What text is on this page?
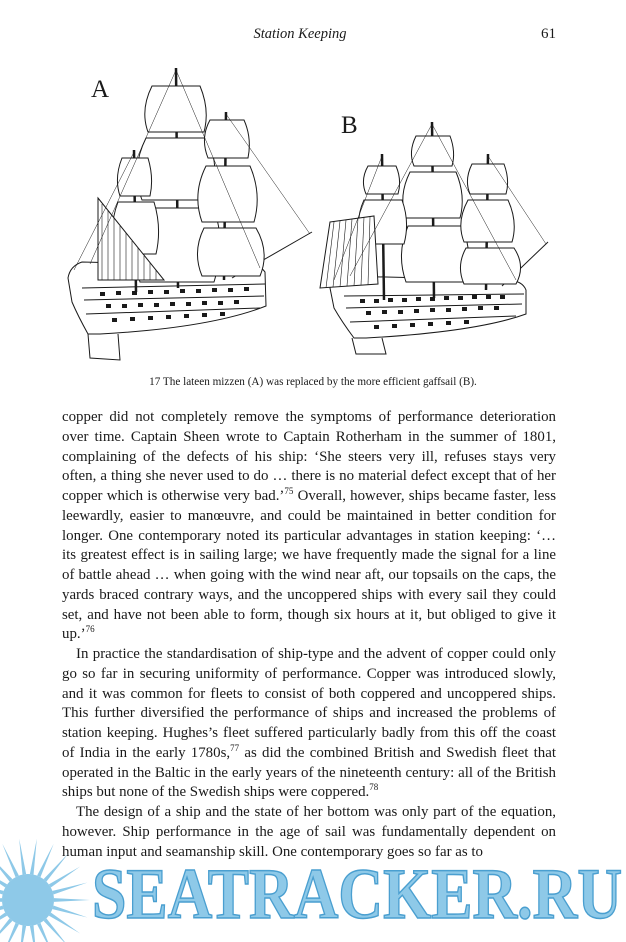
Station Keeping	61
A
B
17 The lateen mizzen (A) was replaced by the more efficient gaffsail (B).

copper did not completely remove the symptoms of performance deterioration over time. Captain Sheen wrote to Captain Rotherham in the summer of 1801, complaining of the defects of his ship: ‘She steers very ill, refuses stays very often, a thing she never used to do … there is no material defect except that of her copper which is otherwise very bad.’$^{75}$ Overall, however, ships became faster, less leewardly, easier to manœuvre, and could be maintained in better condition for longer. One contemporary noted its particular advantages in station keeping: ‘… its greatest effect is in sailing large; we have frequently made the signal for a line of battle ahead … when going with the wind near aft, our topsails on the caps, the yards braced contrary ways, and the uncoppered ships with every sail they could set, and have not been able to form, though six hours at it, but obliged to give it up.’$^{76}$

In practice the standardisation of ship-type and the advent of copper could only go so far in securing uniformity of performance. Copper was introduced slowly, and it was common for fleets to consist of both coppered and uncoppered ships. This further diversified the performance of ships and increased the problems of station keeping. Hughes’s fleet suffered particularly badly from this off the coast of India in the early 1780s,$^{77}$ as did the combined British and Swedish fleet that operated in the Baltic in the early years of the nineteenth century: all of the British ships but none of the Swedish ships were coppered.$^{78}$

The design of a ship and the state of her bottom was only part of the equation, however. Ship performance in the age of sail was fundamentally dependent on human input and seamanship skill. One contemporary goes so far as to

SEATRACKER.RU
